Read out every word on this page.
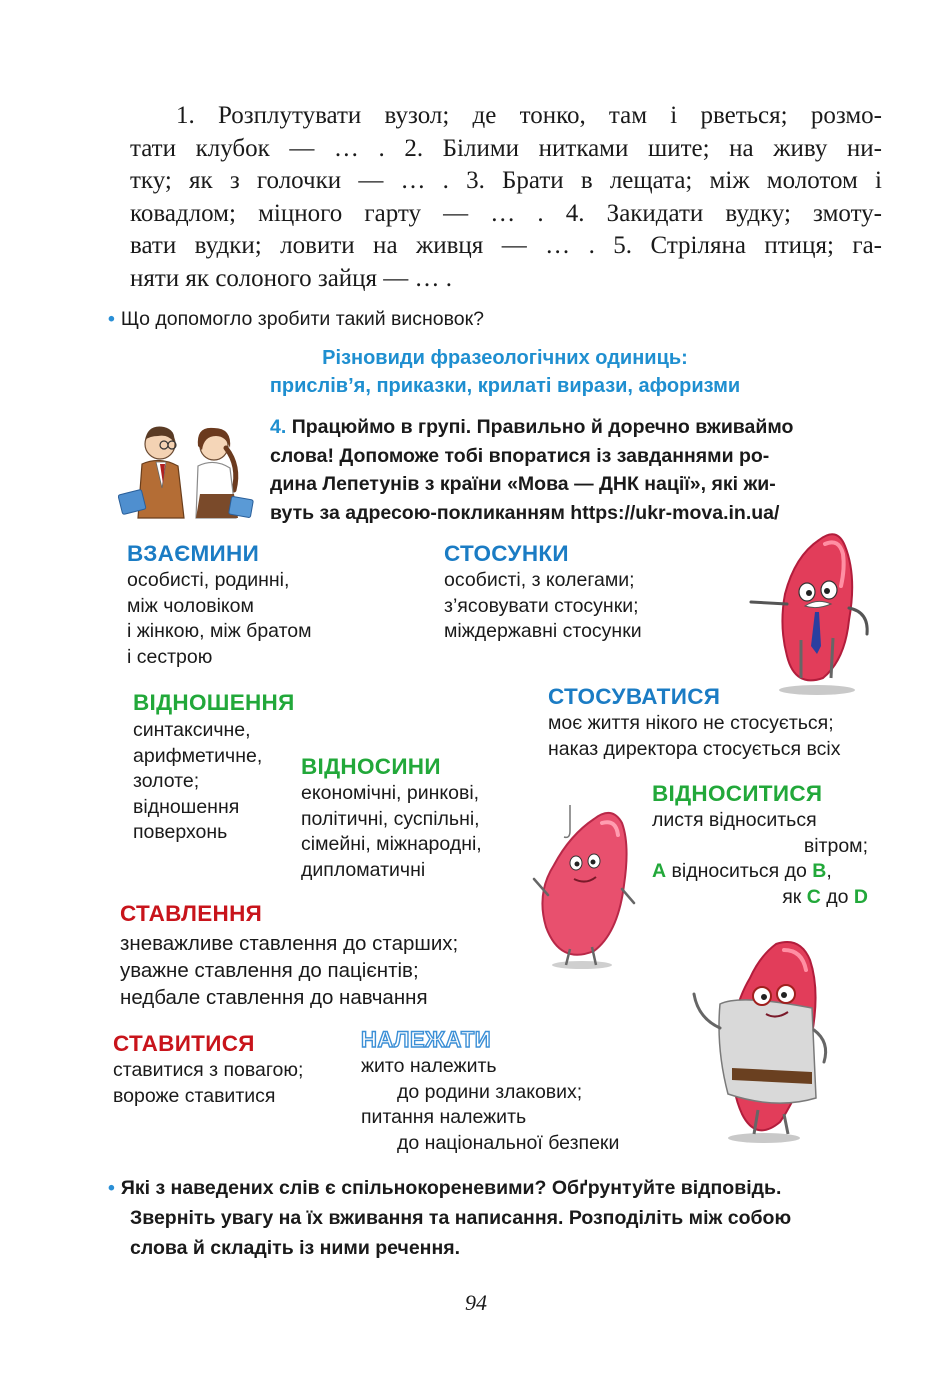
1. Розплутувати вузол; де тонко, там і рветься; розмо-
тати клубок — … . 2. Білими нитками шите; на живу ни-
тку; як з голочки — … . 3. Брати в лещата; між молотом і
ковадлом; міцного гарту — … . 4. Закидати вудку; змоту-
вати вудки; ловити на живця — … . 5. Стріляна птиця; га-
няти як солоного зайця — … .
• Що допомогло зробити такий висновок?
Різновиди фразеологічних одиниць:
прислів’я, приказки, крилаті вирази, афоризми
4. Працюймо в групі. Правильно й доречно вживаймо
слова! Допоможе тобі впоратися із завданнями ро-
дина Лепетунів з країни «Мова — ДНК нації», які жи-
вуть за адресою-покликанням https://ukr-mova.in.ua/
ВЗАЄМИНИ
особисті, родинні,
між чоловіком
і жінкою, між братом
і сестрою
СТОСУНКИ
особисті, з колегами;
з’ясовувати стосунки;
міждержавні стосунки
СТОСУВАТИСЯ
моє життя нікого не стосується;
наказ директора стосується всіх
ВІДНОШЕННЯ
синтаксичне,
арифметичне,
золоте;
відношення
поверхонь
ВІДНОСИНИ
економічні, ринкові,
політичні, суспільні,
сімейні, міжнародні,
дипломатичні
ВІДНОСИТИСЯ
листя відноситься
вітром;
A відноситься до B,
як C до D
СТАВЛЕННЯ
зневажливе ставлення до старших;
уважне ставлення до пацієнтів;
недбале ставлення до навчання
СТАВИТИСЯ
ставитися з повагою;
вороже ставитися
НАЛЕЖАТИ
жито належить
до родини злакових;
питання належить
до національної безпеки
• Які з наведених слів є спільнокореневими? Обґрунтуйте відповідь.
Зверніть увагу на їх вживання та написання. Розподіліть між собою
слова й складіть із ними речення.
94
